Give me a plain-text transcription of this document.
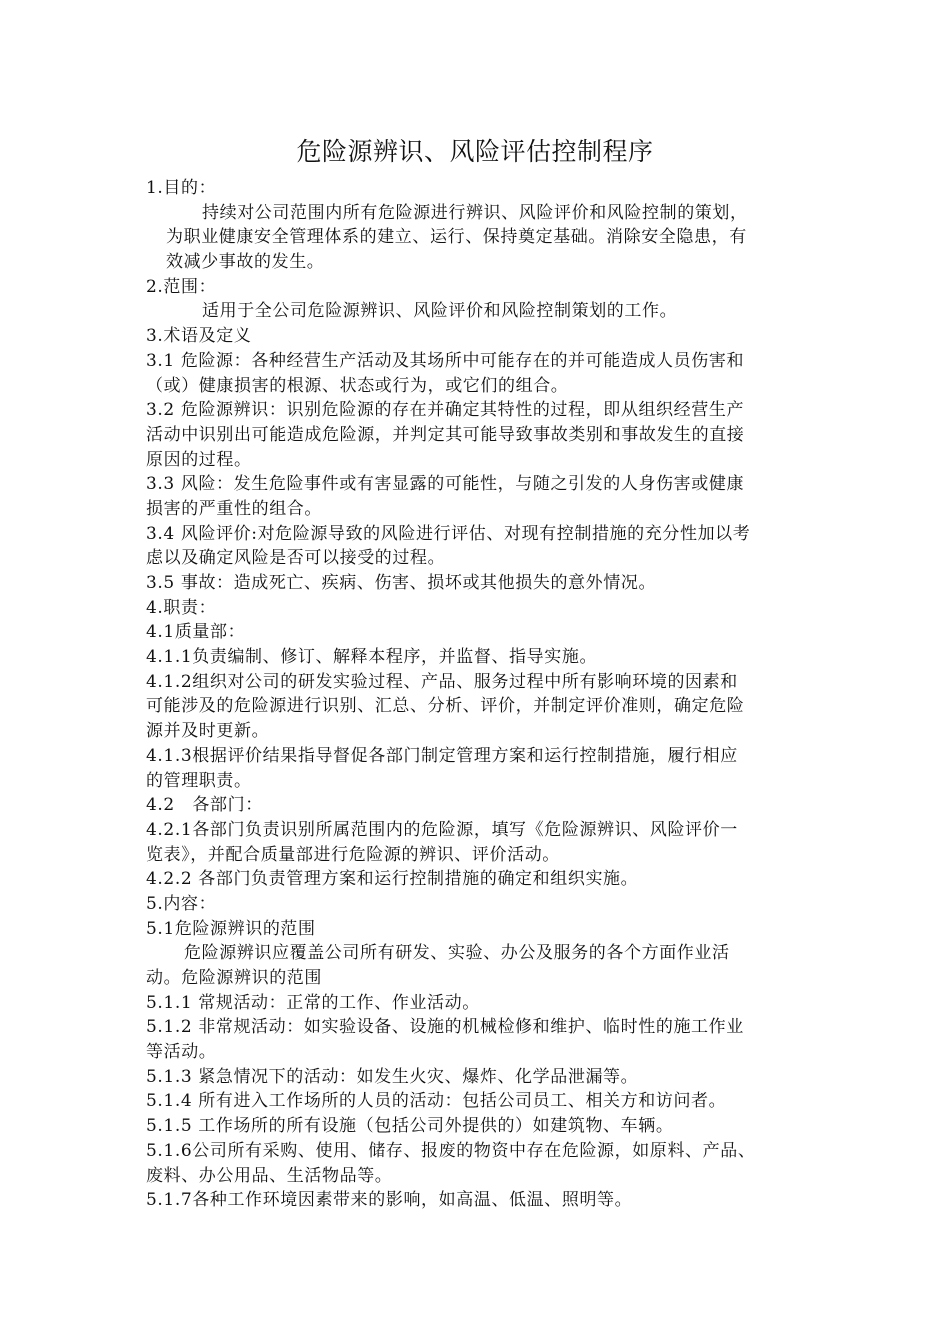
危险源辨识、风险评估控制程序
1.目的：
持续对公司范围内所有危险源进行辨识、风险评价和风险控制的策划，
为职业健康安全管理体系的建立、运行、保持奠定基础。消除安全隐患，有
效减少事故的发生。
2.范围：
适用于全公司危险源辨识、风险评价和风险控制策划的工作。
3.术语及定义
3.1 危险源：各种经营生产活动及其场所中可能存在的并可能造成人员伤害和
（或）健康损害的根源、状态或行为，或它们的组合。
3.2 危险源辨识：识别危险源的存在并确定其特性的过程，即从组织经营生产
活动中识别出可能造成危险源，并判定其可能导致事故类别和事故发生的直接
原因的过程。
3.3 风险：发生危险事件或有害显露的可能性，与随之引发的人身伤害或健康
损害的严重性的组合。
3.4 风险评价:对危险源导致的风险进行评估、对现有控制措施的充分性加以考
虑以及确定风险是否可以接受的过程。
3.5 事故：造成死亡、疾病、伤害、损坏或其他损失的意外情况。
4.职责：
4.1质量部：
4.1.1负责编制、修订、解释本程序，并监督、指导实施。
4.1.2组织对公司的研发实验过程、产品、服务过程中所有影响环境的因素和
可能涉及的危险源进行识别、汇总、分析、评价，并制定评价准则，确定危险
源并及时更新。
4.1.3根据评价结果指导督促各部门制定管理方案和运行控制措施，履行相应
的管理职责。
4.2　各部门：
4.2.1各部门负责识别所属范围内的危险源，填写《危险源辨识、风险评价一
览表》，并配合质量部进行危险源的辨识、评价活动。
4.2.2 各部门负责管理方案和运行控制措施的确定和组织实施。
5.内容：
5.1危险源辨识的范围
危险源辨识应覆盖公司所有研发、实验、办公及服务的各个方面作业活
动。危险源辨识的范围
5.1.1 常规活动：正常的工作、作业活动。
5.1.2 非常规活动：如实验设备、设施的机械检修和维护、临时性的施工作业
等活动。
5.1.3 紧急情况下的活动：如发生火灾、爆炸、化学品泄漏等。
5.1.4 所有进入工作场所的人员的活动：包括公司员工、相关方和访问者。
5.1.5 工作场所的所有设施（包括公司外提供的）如建筑物、车辆。
5.1.6公司所有采购、使用、储存、报废的物资中存在危险源，如原料、产品、
废料、办公用品、生活物品等。
5.1.7各种工作环境因素带来的影响，如高温、低温、照明等。
